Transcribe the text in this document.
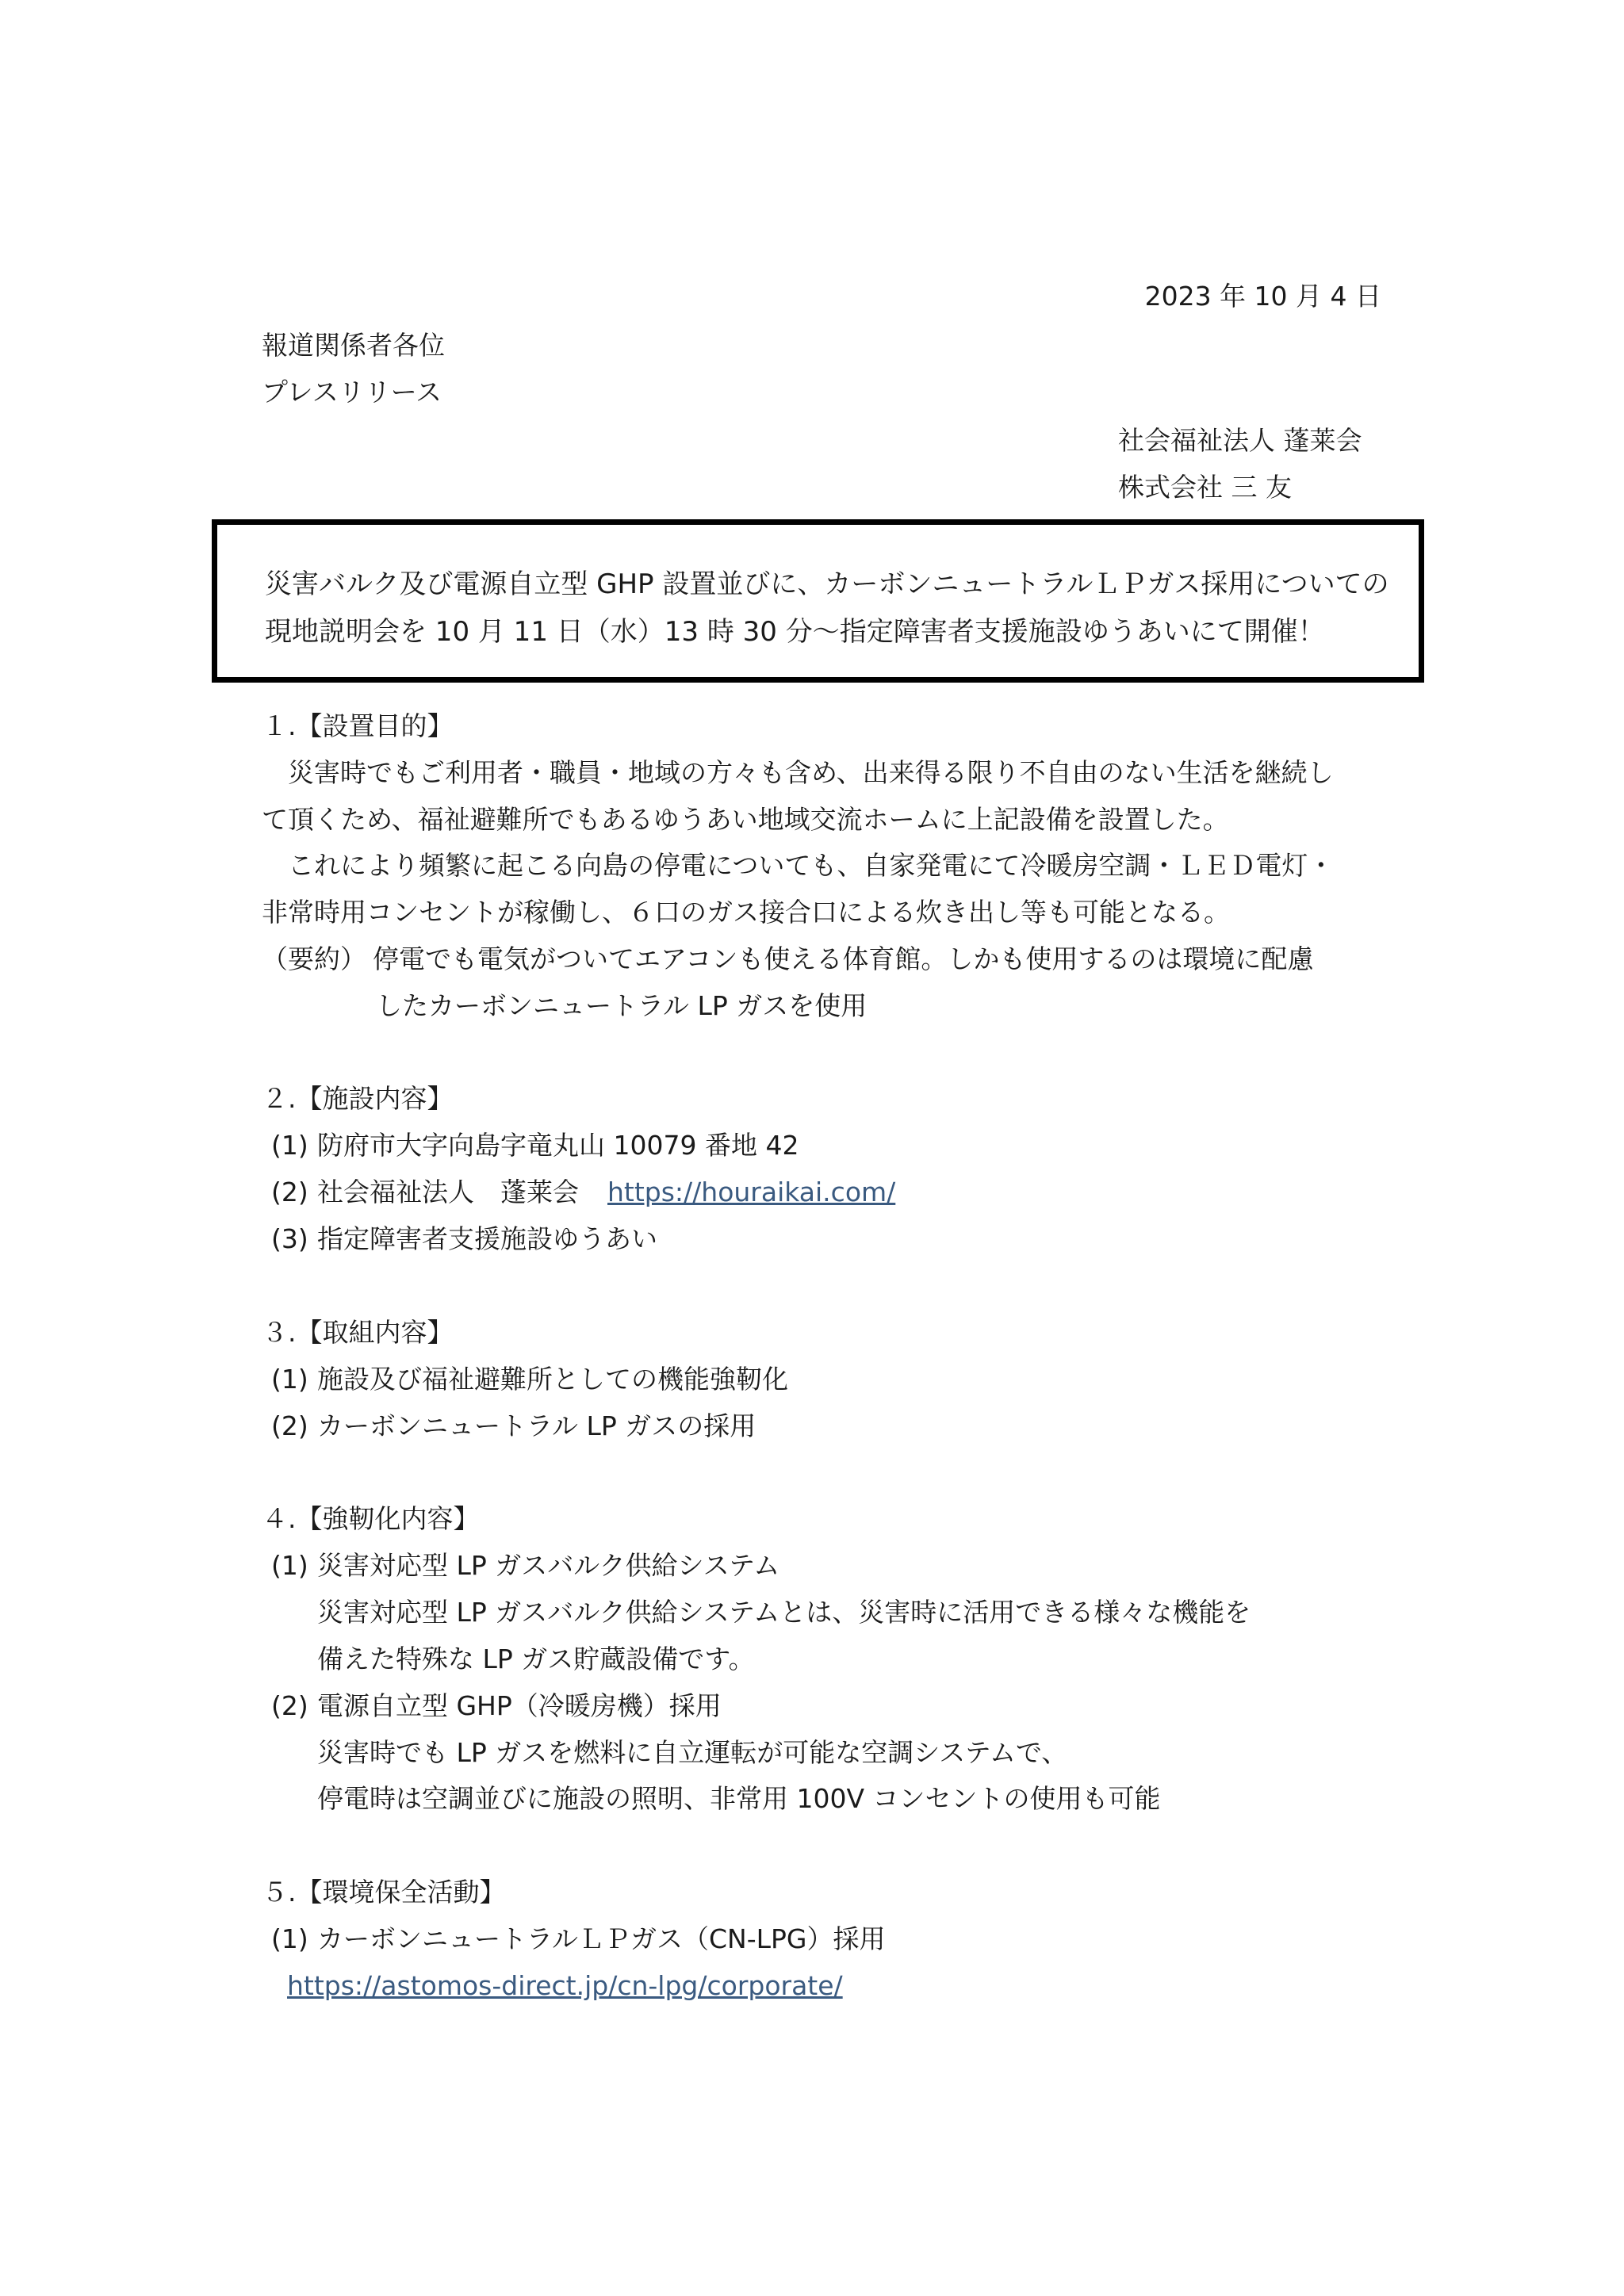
2023 年 10 月 4 日
報道関係者各位
プレスリリース
社会福祉法人 蓬莱会
株式会社 三 友
災害バルク及び電源自立型 GHP 設置並びに、カーボンニュートラルＬＰガス採用についての
現地説明会を 10 月 11 日（水）13 時 30 分～指定障害者支援施設ゆうあいにて開催！
１.【設置目的】
　災害時でもご利用者・職員・地域の方々も含め、出来得る限り不自由のない生活を継続し
て頂くため、福祉避難所でもあるゆうあい地域交流ホームに上記設備を設置した。
　これにより頻繁に起こる向島の停電についても、自家発電にて冷暖房空調・ＬＥＤ電灯・
非常時用コンセントが稼働し、６口のガス接合口による炊き出し等も可能となる。
（要約） 停電でも電気がついてエアコンも使える体育館。しかも使用するのは環境に配慮
したカーボンニュートラル LP ガスを使用
２.【施設内容】
(1) 防府市大字向島字竜丸山 10079 番地 42
(2) 社会福祉法人　蓬莱会 https://houraikai.com/
(3) 指定障害者支援施設ゆうあい
３.【取組内容】
(1) 施設及び福祉避難所としての機能強靭化
(2) カーボンニュートラル LP ガスの採用
４.【強靭化内容】
(1) 災害対応型 LP ガスバルク供給システム
災害対応型 LP ガスバルク供給システムとは、災害時に活用できる様々な機能を
備えた特殊な LP ガス貯蔵設備です。
(2) 電源自立型 GHP（冷暖房機）採用
災害時でも LP ガスを燃料に自立運転が可能な空調システムで、
停電時は空調並びに施設の照明、非常用 100V コンセントの使用も可能
５.【環境保全活動】
(1) カーボンニュートラルＬＰガス（CN-LPG）採用
https://astomos-direct.jp/cn-lpg/corporate/
